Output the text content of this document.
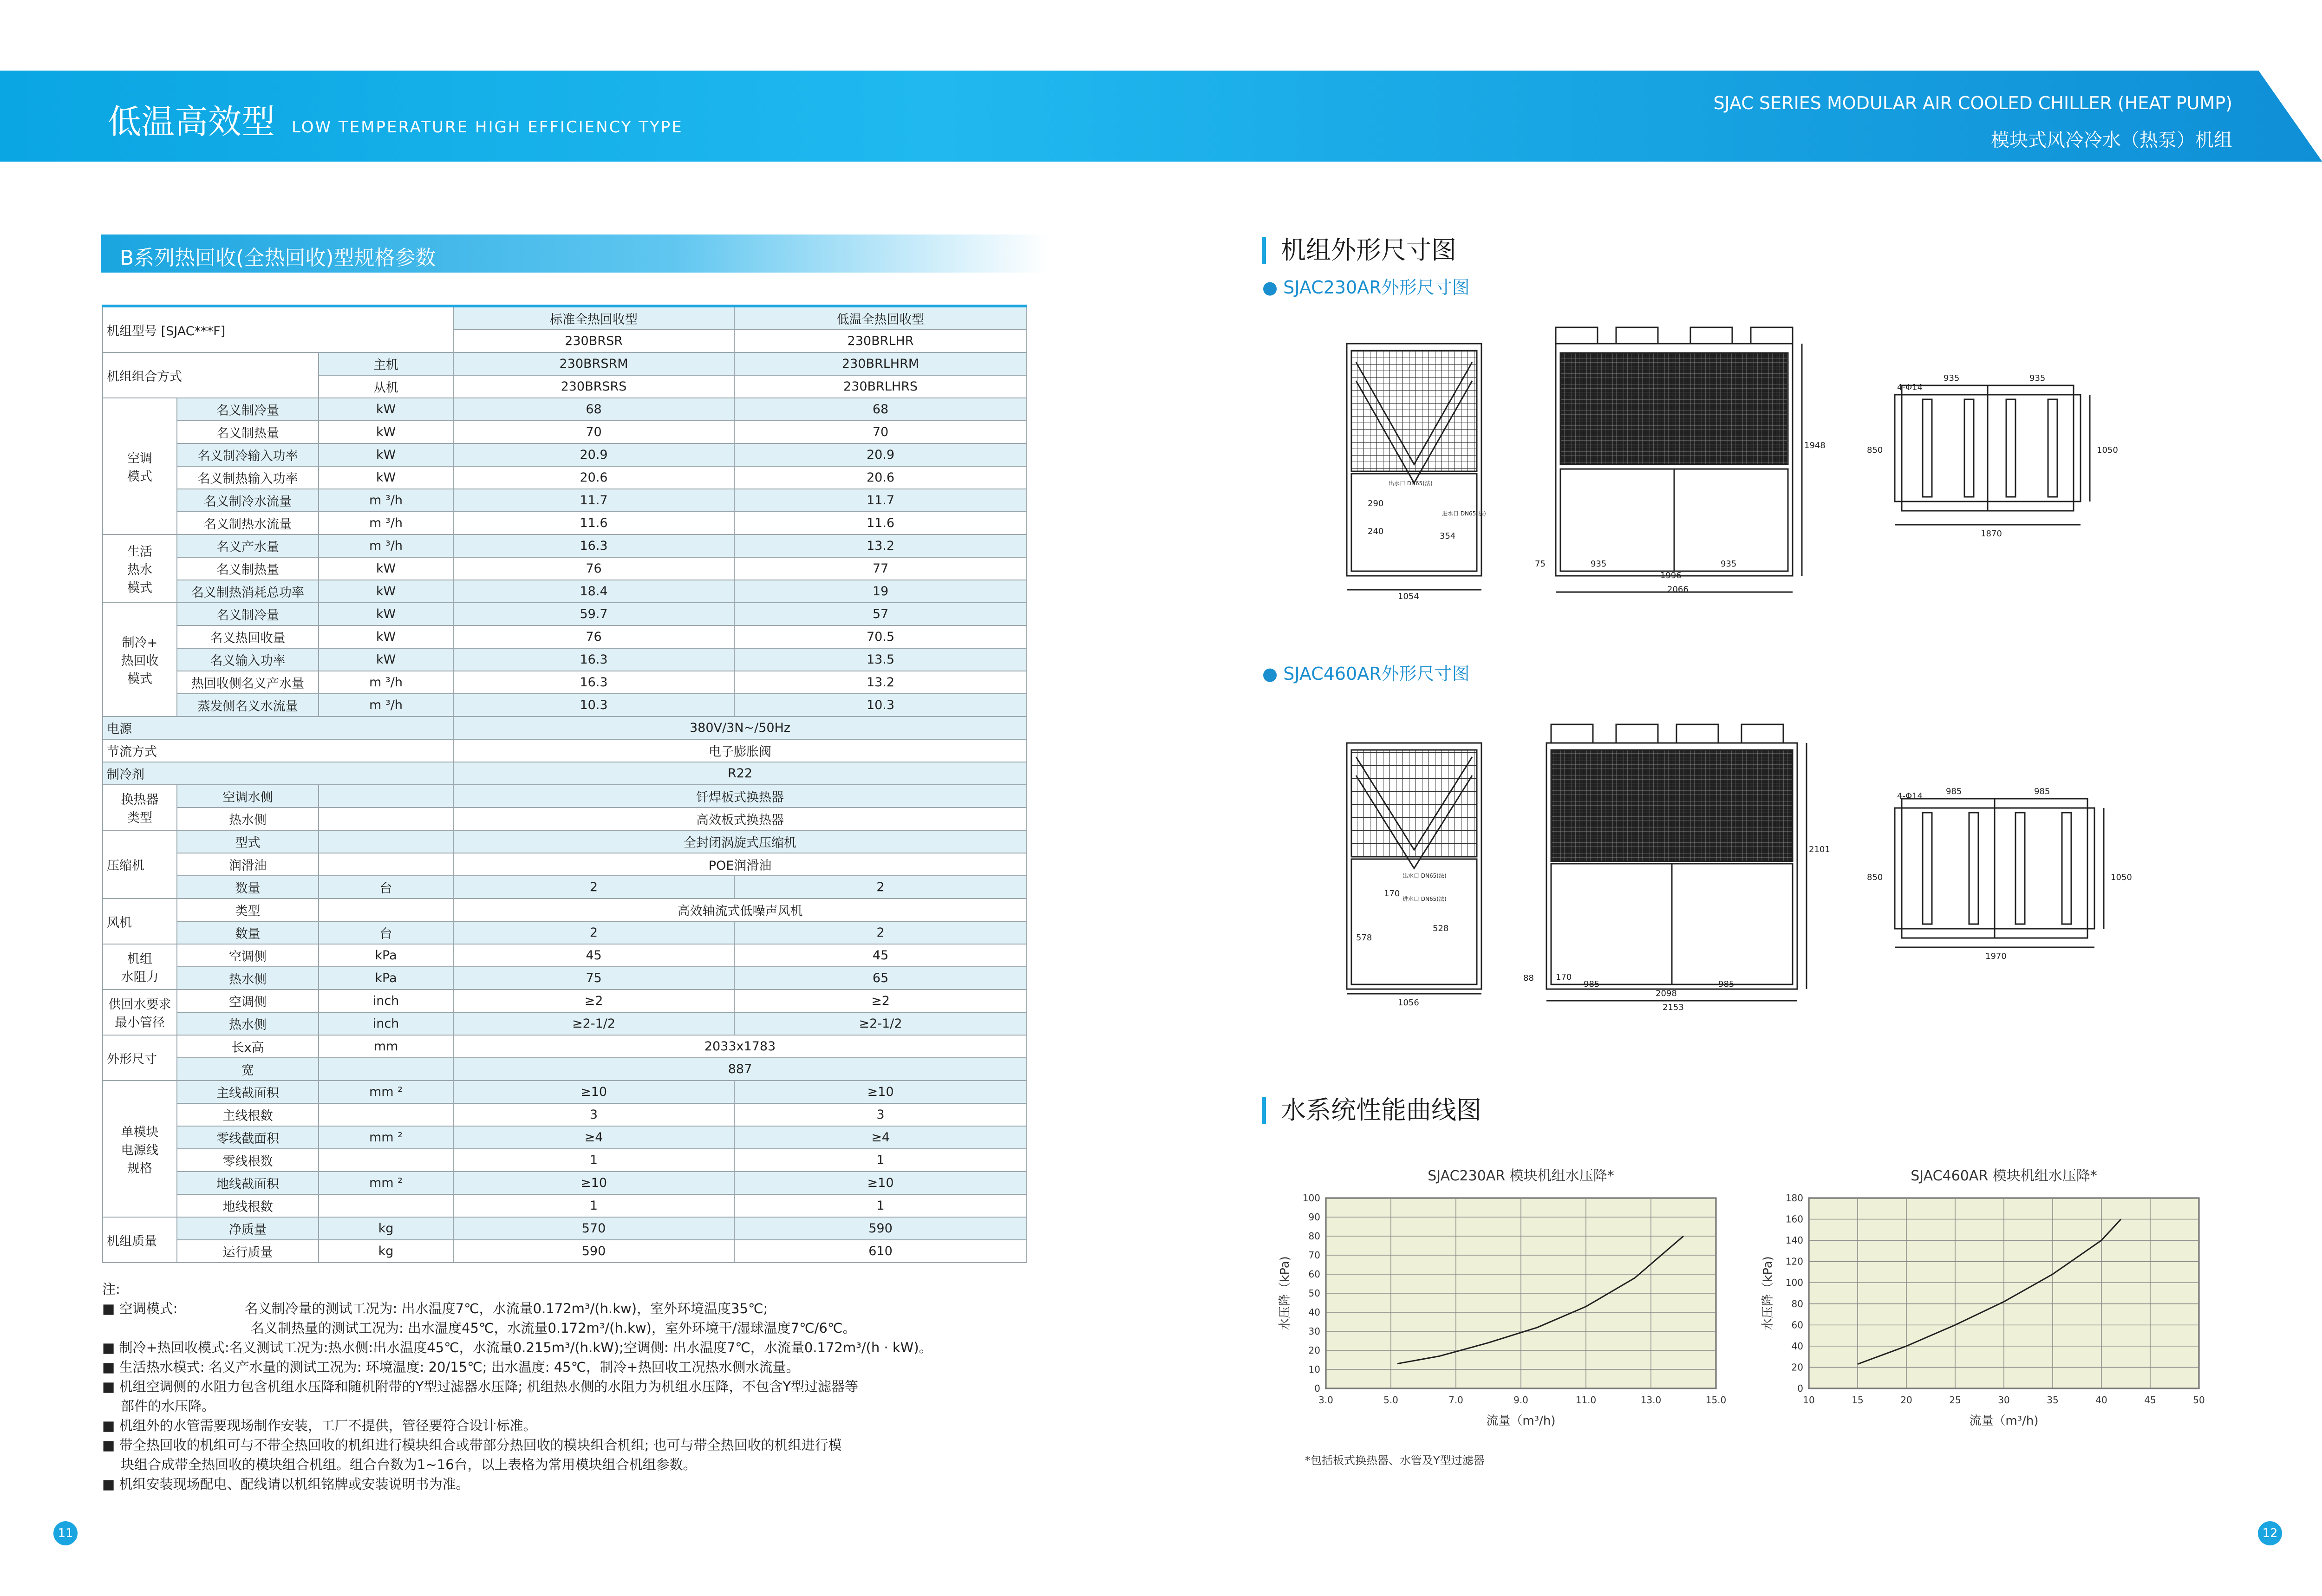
低温高效型 LOW TEMPERATURE HIGH EFFICIENCY TYPE
SJAC SERIES MODULAR AIR COOLED CHILLER (HEAT PUMP)
模块式风冷冷水（热泵）机组
B系列热回收(全热回收)型规格参数
机组型号 [SJAC***F]			标准全热回收型	低温全热回收型
			230BRSR	230BRLHR
机组组合方式		主机	230BRSRM	230BRLHRM
		从机	230BRSRS	230BRLHRS
空调
模式	名义制冷量	kW	68	68
	名义制热量	kW	70	70
	名义制冷输入功率	kW	20.9	20.9
	名义制热输入功率	kW	20.6	20.6
	名义制冷水流量	m ³/h	11.7	11.7
	名义制热水流量	m ³/h	11.6	11.6
生活
热水
模式	名义产水量	m ³/h	16.3	13.2
	名义制热量	kW	76	77
	名义制热消耗总功率	kW	18.4	19
制冷+
热回收
模式	名义制冷量	kW	59.7	57
	名义热回收量	kW	76	70.5
	名义输入功率	kW	16.3	13.5
	热回收侧名义产水量	m ³/h	16.3	13.2
	蒸发侧名义水流量	m ³/h	10.3	10.3
电源			380V/3N~/50Hz	
节流方式			电子膨胀阀	
制冷剂			R22	
换热器
类型	空调水侧		钎焊板式换热器	
	热水侧		高效板式换热器	
压缩机	型式		全封闭涡旋式压缩机	
	润滑油		POE润滑油	
	数量	台	2	2
风机	类型		高效轴流式低噪声风机	
	数量	台	2	2
机组
水阻力	空调侧	kPa	45	45
	热水侧	kPa	75	65
供回水要求
最小管径	空调侧	inch	≥2	≥2
	热水侧	inch	≥2-1/2	≥2-1/2
外形尺寸	长x高	mm	2033x1783	
	宽		887	
单模块
电源线
规格	主线截面积	mm ²	≥10	≥10
	主线根数		3	3
	零线截面积	mm ²	≥4	≥4
	零线根数		1	1
	地线截面积	mm ²	≥10	≥10
	地线根数		1	1
机组质量	净质量	kg	570	590
	运行质量	kg	590	610
注:
■ 空调模式:	名义制冷量的测试工况为: 出水温度7℃，水流量0.172m³/(h.kw)，室外环境温度35℃;
名义制热量的测试工况为: 出水温度45℃，水流量0.172m³/(h.kw)，室外环境干/湿球温度7℃/6℃。
■ 制冷+热回收模式:名义测试工况为:热水侧:出水温度45℃，水流量0.215m³/(h.kW);空调侧: 出水温度7℃，水流量0.172m³/(h · kW)。
■ 生活热水模式: 名义产水量的测试工况为: 环境温度: 20/15℃; 出水温度: 45℃，制冷+热回收工况热水侧水流量。
■ 机组空调侧的水阻力包含机组水压降和随机附带的Y型过滤器水压降; 机组热水侧的水阻力为机组水压降，不包含Y型过滤器等
部件的水压降。
■ 机组外的水管需要现场制作安装，工厂不提供，管径要符合设计标准。
■ 带全热回收的机组可与不带全热回收的机组进行模块组合或带部分热回收的模块组合机组; 也可与带全热回收的机组进行模
块组合成带全热回收的模块组合机组。组合台数为1~16台，以上表格为常用模块组合机组参数。
■ 机组安装现场配电、配线请以机组铭牌或安装说明书为准。
机组外形尺寸图
● SJAC230AR外形尺寸图
● SJAC460AR外形尺寸图
水系统性能曲线图
1054
290
240	354
出水口 DN65(法)
进水口 DN65(法)
935
1996
2066
935
75
1948
4-Φ14
935	935
850	1050
1870
1056
170
578
528
出水口 DN65(法)
进水口 DN65(法)
985
2098
2153
985
88	170
2101
4-Φ14	985	985
850	1050
1970
SJAC230AR 模块机组水压降*
0
10
20
30
40
50
60
70
80
90
100
3.0	5.0	7.0	9.0	11.0	13.0	15.0
流量（m³/h)
水压降（kPa)
SJAC460AR 模块机组水压降*
0
20
40
60
80
100
120
140
160
180
10	15	20	25	30	35	40	45	50
流量（m³/h)
水压降（kPa)
*包括板式换热器、水管及Y型过滤器
11	12
